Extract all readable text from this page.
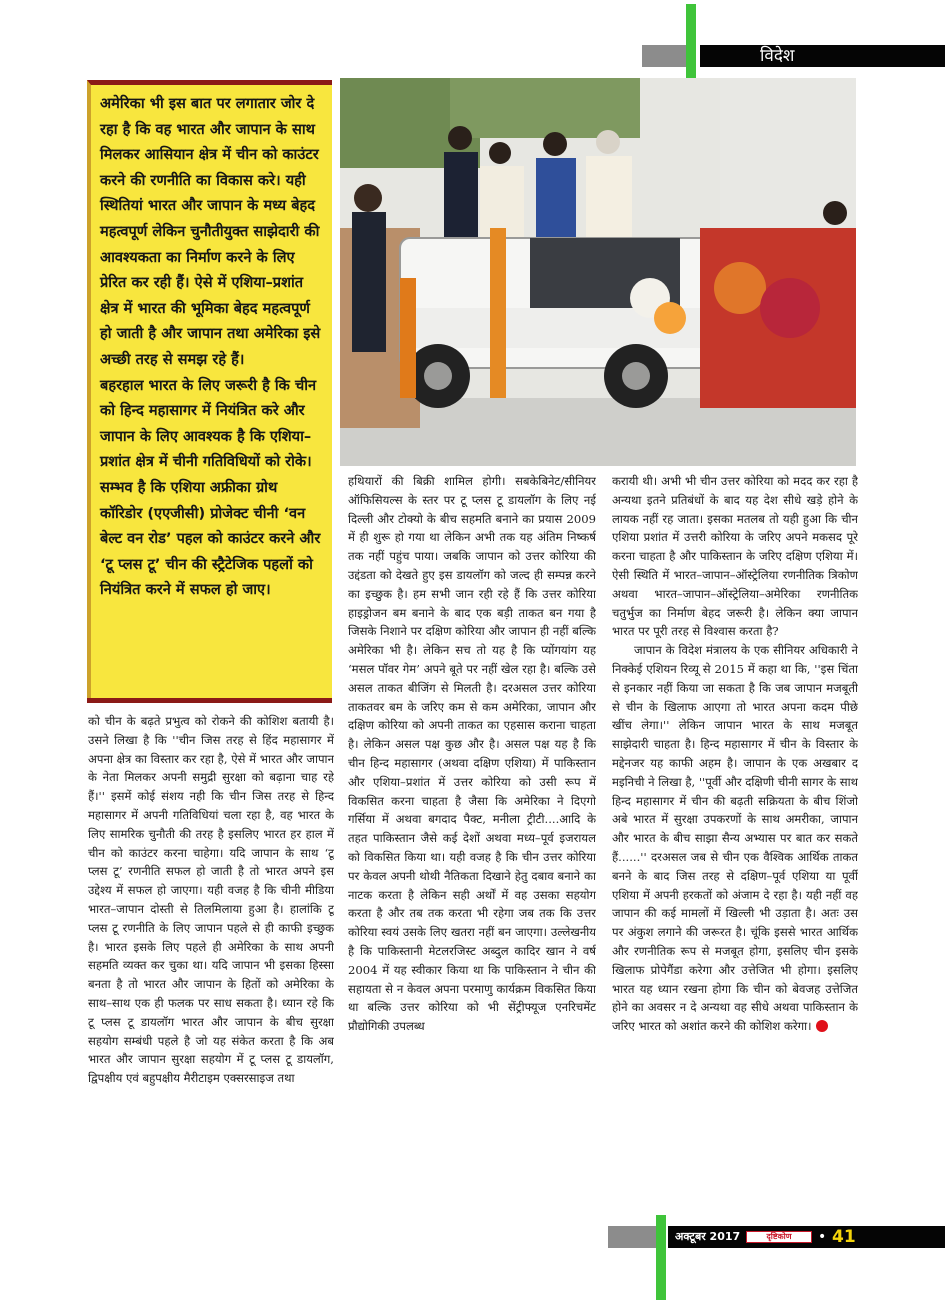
विदेश

अमेरिका भी इस बात पर लगातार जोर दे रहा है कि वह भारत और जापान के साथ मिलकर आसियान क्षेत्र में चीन को काउंटर करने की रणनीति का विकास करे। यही स्थितियां भारत और जापान के मध्य बेहद महत्वपूर्ण लेकिन चुनौतीयुक्त साझेदारी की आवश्यकता का निर्माण करने के लिए प्रेरित कर रही हैं। ऐसे में एशिया–प्रशांत क्षेत्र में भारत की भूमिका बेहद महत्वपूर्ण हो जाती है और जापान तथा अमेरिका इसे अच्छी तरह से समझ रहे हैं।

बहरहाल भारत के लिए जरूरी है कि चीन को हिन्द महासागर में नियंत्रित करे और जापान के लिए आवश्यक है कि एशिया–प्रशांत क्षेत्र में चीनी गतिविधियों को रोके। सम्भव है कि एशिया अफ्रीका ग्रोथ कॉरिडोर (एएजीसी) प्रोजेक्ट चीनी ‘वन बेल्ट वन रोड’ पहल को काउंटर करने और ‘टू प्लस टू’ चीन की स्ट्रैटेजिक पहलों को नियंत्रित करने में सफल हो जाए।

को चीन के बढ़ते प्रभुत्व को रोकने की कोशिश बतायी है। उसने लिखा है कि ''चीन जिस तरह से हिंद महासागर में अपना क्षेत्र का विस्तार कर रहा है, ऐसे में भारत और जापान के नेता मिलकर अपनी समुद्री सुरक्षा को बढ़ाना चाह रहे हैं।'' इसमें कोई संशय नही कि चीन जिस तरह से हिन्द महासागर में अपनी गतिविधियां चला रहा है, वह भारत के लिए सामरिक चुनौती की तरह है इसलिए भारत हर हाल में चीन को काउंटर करना चाहेगा। यदि जापान के साथ ‘टू प्लस टू’ रणनीति सफल हो जाती है तो भारत अपने इस उद्देश्य में सफल हो जाएगा। यही वजह है कि चीनी मीडिया भारत–जापान दोस्ती से तिलमिलाया हुआ है। हालांकि टू प्लस टू रणनीति के लिए जापान पहले से ही काफी इच्छुक है। भारत इसके लिए पहले ही अमेरिका के साथ अपनी सहमति व्यक्त कर चुका था। यदि जापान भी इसका हिस्सा बनता है तो भारत और जापान के हितों को अमेरिका के साथ–साथ एक ही फलक पर साध सकता है। ध्यान रहे कि टू प्लस टू डायलॉग भारत और जापान के बीच सुरक्षा सहयोग सम्बंधी पहले है जो यह संकेत करता है कि अब भारत और जापान सुरक्षा सहयोग में टू प्लस टू डायलॉग, द्विपक्षीय एवं बहुपक्षीय मैरीटाइम एक्सरसाइज तथा

हथियारों की बिक्री शामिल होगी। सबकेबिनेट/सीनियर ऑफिसियल्स के स्तर पर टू प्लस टू डायलॉग के लिए नई दिल्ली और टोक्यो के बीच सहमति बनाने का प्रयास 2009 में ही शुरू हो गया था लेकिन अभी तक यह अंतिम निष्कर्ष तक नहीं पहुंच पाया। जबकि जापान को उत्तर कोरिया की उद्दंडता को देखते हुए इस डायलॉग को जल्द ही सम्पन्न करने का इच्छुक है। हम सभी जान रही रहे हैं कि उत्तर कोरिया हाइड्रोजन बम बनाने के बाद एक बड़ी ताकत बन गया है जिसके निशाने पर दक्षिण कोरिया और जापान ही नहीं बल्कि अमेरिका भी है। लेकिन सच तो यह है कि प्योंगयांग यह ‘मसल पॉवर गेम’ अपने बूते पर नहीं खेल रहा है। बल्कि उसे असल ताकत बीजिंग से मिलती है। दरअसल उत्तर कोरिया ताकतवर बम के जरिए कम से कम अमेरिका, जापान और दक्षिण कोरिया को अपनी ताकत का एहसास कराना चाहता है। लेकिन असल पक्ष कुछ और है। असल पक्ष यह है कि चीन हिन्द महासागर (अथवा दक्षिण एशिया) में पाकिस्तान और एशिया–प्रशांत में उत्तर कोरिया को उसी रूप में विकसित करना चाहता है जैसा कि अमेरिका ने दिएगो गर्सिया में अथवा बगदाद पैक्ट, मनीला ट्रीटी....आदि के तहत पाकिस्तान जैसे कई देशों अथवा मध्य–पूर्व इजरायल को विकसित किया था। यही वजह है कि चीन उत्तर कोरिया पर केवल अपनी थोथी नैतिकता दिखाने हेतु दबाव बनाने का नाटक करता है लेकिन सही अर्थों में वह उसका सहयोग करता है और तब तक करता भी रहेगा जब तक कि उत्तर कोरिया स्वयं उसके लिए खतरा नहीं बन जाएगा। उल्लेखनीय है कि पाकिस्तानी मेटलरजिस्ट अब्दुल कादिर खान ने वर्ष 2004 में यह स्वीकार किया था कि पाकिस्तान ने चीन की सहायता से न केवल अपना परमाणु कार्यक्रम विकसित किया था बल्कि उत्तर कोरिया को भी सेंट्रीफ्यूज एनरिचमेंट प्रौद्योगिकी उपलब्ध

करायी थी। अभी भी चीन उत्तर कोरिया को मदद कर रहा है अन्यथा इतने प्रतिबंधों के बाद यह देश सीधे खड़े होने के लायक नहीं रह जाता। इसका मतलब तो यही हुआ कि चीन एशिया प्रशांत में उत्तरी कोरिया के जरिए अपने मकसद पूरे करना चाहता है और पाकिस्तान के जरिए दक्षिण एशिया में। ऐसी स्थिति में भारत–जापान–ऑस्ट्रेलिया रणनीतिक त्रिकोण अथवा भारत–जापान–ऑस्ट्रेलिया–अमेरिका रणनीतिक चतुर्भुज का निर्माण बेहद जरूरी है। लेकिन क्या जापान भारत पर पूरी तरह से विश्वास करता है?

जापान के विदेश मंत्रालय के एक सीनियर अधिकारी ने निक्केई एशियन रिव्यू से 2015 में कहा था कि, ''इस चिंता से इनकार नहीं किया जा सकता है कि जब जापान मजबूती से चीन के खिलाफ आएगा तो भारत अपना कदम पीछे खींच लेगा।'' लेकिन जापान भारत के साथ मजबूत साझेदारी चाहता है। हिन्द महासागर में चीन के विस्तार के मद्देनजर यह काफी अहम है। जापान के एक अखबार द मइनिची ने लिखा है, ''पूर्वी और दक्षिणी चीनी सागर के साथ हिन्द महासागर में चीन की बढ़ती सक्रियता के बीच शिंजो अबे भारत में सुरक्षा उपकरणों के साथ अमरीका, जापान और भारत के बीच साझा सैन्य अभ्यास पर बात कर सकते हैं......'' दरअसल जब से चीन एक वैश्विक आर्थिक ताकत बनने के बाद जिस तरह से दक्षिण–पूर्व एशिया या पूर्वी एशिया में अपनी हरकतों को अंजाम दे रहा है। यही नहीं वह जापान की कई मामलों में खिल्ली भी उड़ाता है। अतः उस पर अंकुश लगाने की जरूरत है। चूंकि इससे भारत आर्थिक और रणनीतिक रूप से मजबूत होगा, इसलिए चीन इसके खिलाफ प्रोपेगैंडा करेगा और उत्तेजित भी होगा। इसलिए भारत यह ध्यान रखना होगा कि चीन को बेवजह उत्तेजित होने का अवसर न दे अन्यथा वह सीधे अथवा पाकिस्तान के जरिए भारत को अशांत करने की कोशिश करेगा।

अक्टूबर 2017	दृष्टिकोण	• 41
